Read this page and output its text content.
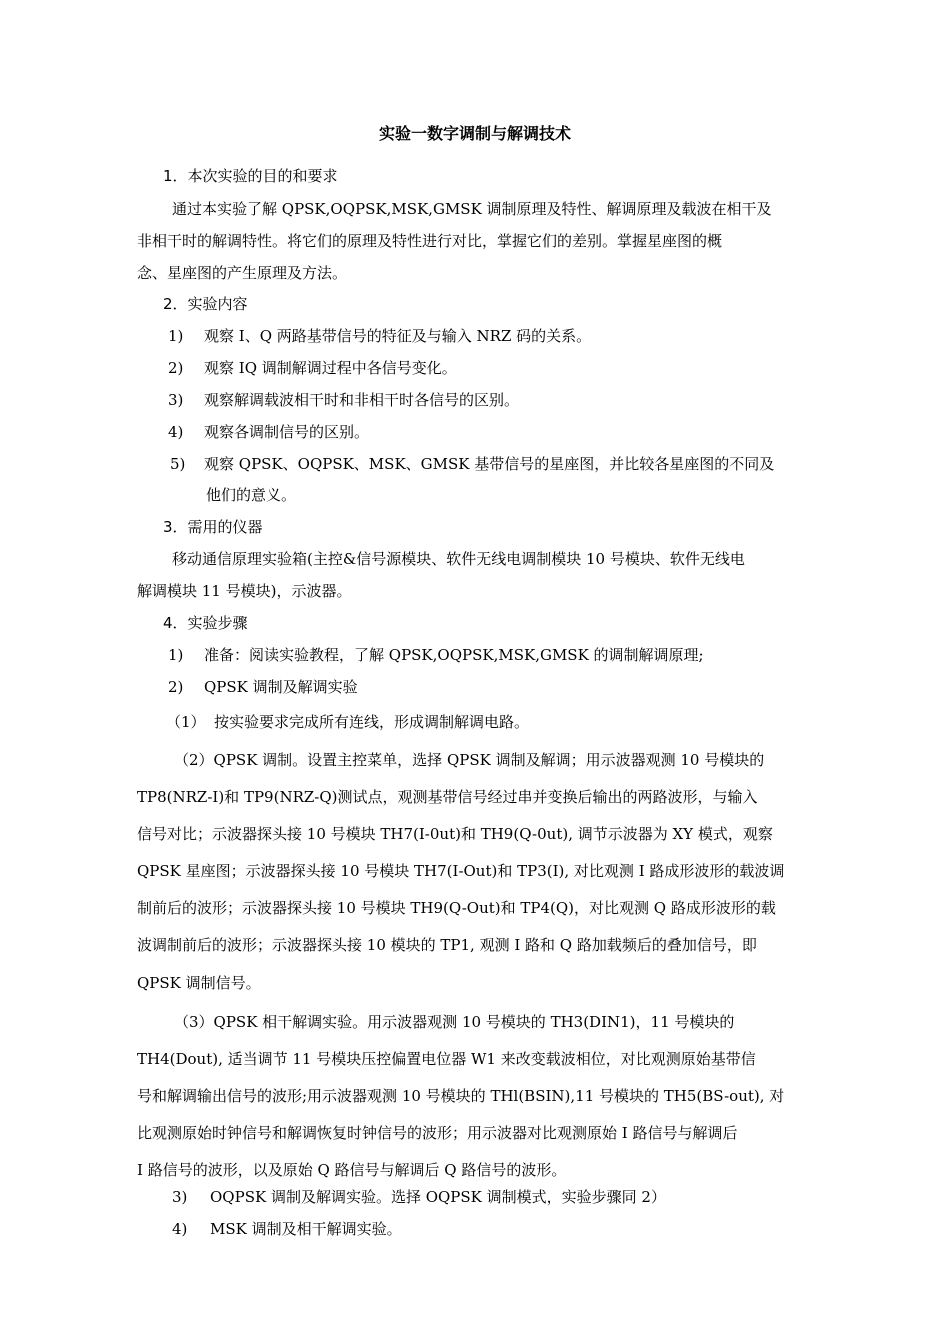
实验一数字调制与解调技术
1．本次实验的目的和要求
通过本实验了解 QPSK,OQPSK,MSK,GMSK 调制原理及特性、解调原理及载波在相干及
非相干时的解调特性。将它们的原理及特性进行对比，掌握它们的差别。掌握星座图的概
念、星座图的产生原理及方法。
2．实验内容
1) 观察 I、Q 两路基带信号的特征及与输入 NRZ 码的关系。
2) 观察 IQ 调制解调过程中各信号变化。
3) 观察解调载波相干时和非相干时各信号的区别。
4) 观察各调制信号的区别。
5) 观察 QPSK、OQPSK、MSK、GMSK 基带信号的星座图，并比较各星座图的不同及
他们的意义。
3．需用的仪器
移动通信原理实验箱(主控&信号源模块、软件无线电调制模块 10 号模块、软件无线电
解调模块 11 号模块)，示波器。
4．实验步骤
1) 准备：阅读实验教程，了解 QPSK,OQPSK,MSK,GMSK 的调制解调原理;
2) QPSK 调制及解调实验
（1） 按实验要求完成所有连线，形成调制解调电路。
（2）QPSK 调制。设置主控菜单，选择 QPSK 调制及解调；用示波器观测 10 号模块的
TP8(NRZ-I)和 TP9(NRZ-Q)测试点，观测基带信号经过串并变换后输出的两路波形，与输入
信号对比；示波器探头接 10 号模块 TH7(I-0ut)和 TH9(Q-0ut), 调节示波器为 XY 模式，观察
QPSK 星座图；示波器探头接 10 号模块 TH7(I-Out)和 TP3(I), 对比观测 I 路成形波形的载波调
制前后的波形；示波器探头接 10 号模块 TH9(Q-Out)和 TP4(Q)，对比观测 Q 路成形波形的载
波调制前后的波形；示波器探头接 10 模块的 TP1, 观测 I 路和 Q 路加载频后的叠加信号，即
QPSK 调制信号。
（3）QPSK 相干解调实验。用示波器观测 10 号模块的 TH3(DIN1)，11 号模块的
TH4(Dout), 适当调节 11 号模块压控偏置电位器 W1 来改变载波相位，对比观测原始基带信
号和解调输出信号的波形;用示波器观测 10 号模块的 THl(BSIN),11 号模块的 TH5(BS-out), 对
比观测原始时钟信号和解调恢复时钟信号的波形；用示波器对比观测原始 I 路信号与解调后
I 路信号的波形，以及原始 Q 路信号与解调后 Q 路信号的波形。
3) OQPSK 调制及解调实验。选择 OQPSK 调制模式，实验步骤同 2）
4) MSK 调制及相干解调实验。
